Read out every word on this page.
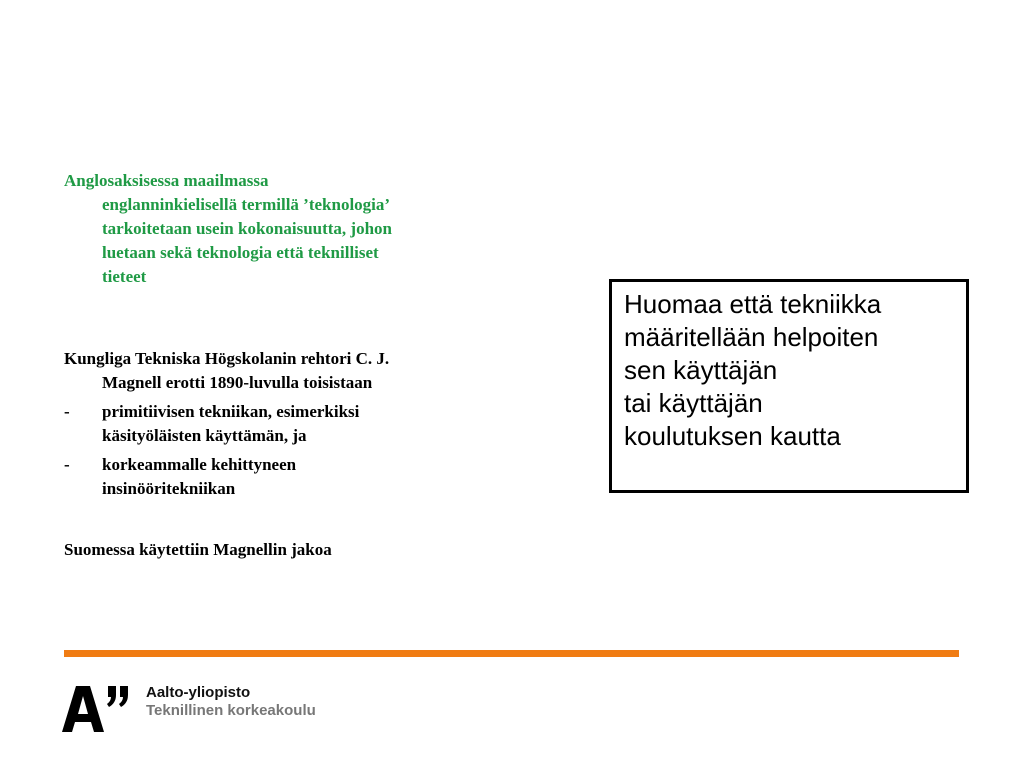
Anglosaksisessa maailmassa
englanninkielisellä termillä ’teknologia’
tarkoitetaan usein kokonaisuutta, johon
luetaan sekä teknologia että teknilliset
tieteet

Kungliga Tekniska Högskolanin rehtori C. J.
Magnell erotti 1890-luvulla toisistaan

- primitiivisen tekniikan, esimerkiksi
käsityöläisten käyttämän, ja
- korkeammalle kehittyneen
insinööritekniikan
Suomessa käytettiin Magnellin jakoa
Huomaa että tekniikka
määritellään helpoiten
sen käyttäjän
tai käyttäjän
koulutuksen kautta
Aalto-yliopisto
Teknillinen korkeakoulu
